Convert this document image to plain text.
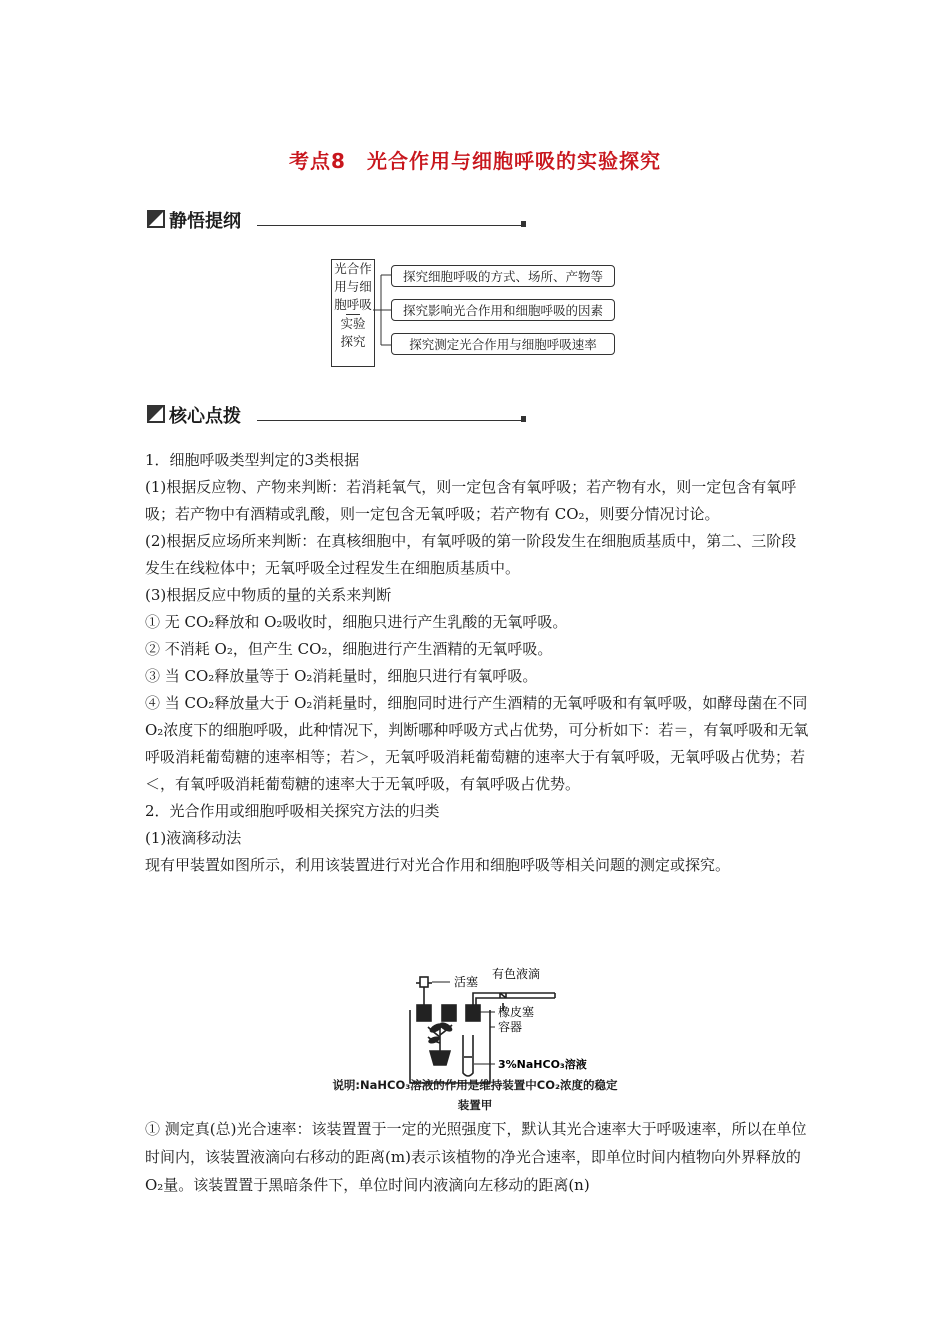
考点8　光合作用与细胞呼吸的实验探究
静悟提纲
光合作
用与细
胞呼吸
实验
探究
探究细胞呼吸的方式、场所、产物等
探究影响光合作用和细胞呼吸的因素
探究测定光合作用与细胞呼吸速率
核心点拨

1．细胞呼吸类型判定的3类根据

(1)根据反应物、产物来判断：若消耗氧气，则一定包含有氧呼吸；若产物有水，则一定包含有氧呼吸；若产物中有酒精或乳酸，则一定包含无氧呼吸；若产物有 CO₂，则要分情况讨论。

(2)根据反应场所来判断：在真核细胞中，有氧呼吸的第一阶段发生在细胞质基质中，第二、三阶段发生在线粒体中；无氧呼吸全过程发生在细胞质基质中。

(3)根据反应中物质的量的关系来判断

① 无 CO₂释放和 O₂吸收时，细胞只进行产生乳酸的无氧呼吸。

② 不消耗 O₂，但产生 CO₂，细胞进行产生酒精的无氧呼吸。

③ 当 CO₂释放量等于 O₂消耗量时，细胞只进行有氧呼吸。

④ 当 CO₂释放量大于 O₂消耗量时，细胞同时进行产生酒精的无氧呼吸和有氧呼吸，如酵母菌在不同 O₂浓度下的细胞呼吸，此种情况下，判断哪种呼吸方式占优势，可分析如下：若＝，有氧呼吸和无氧呼吸消耗葡萄糖的速率相等；若＞，无氧呼吸消耗葡萄糖的速率大于有氧呼吸，无氧呼吸占优势；若＜，有氧呼吸消耗葡萄糖的速率大于无氧呼吸，有氧呼吸占优势。

2．光合作用或细胞呼吸相关探究方法的归类

(1)液滴移动法

现有甲装置如图所示，利用该装置进行对光合作用和细胞呼吸等相关问题的测定或探究。

活塞
有色液滴
橡皮塞
容器
3%NaHCO₃溶液
说明:NaHCO₃溶液的作用是维持装置中CO₂浓度的稳定
装置甲

① 测定真(总)光合速率：该装置置于一定的光照强度下，默认其光合速率大于呼吸速率，所以在单位时间内，该装置液滴向右移动的距离(m)表示该植物的净光合速率，即单位时间内植物向外界释放的 O₂量。该装置置于黑暗条件下，单位时间内液滴向左移动的距离(n)
